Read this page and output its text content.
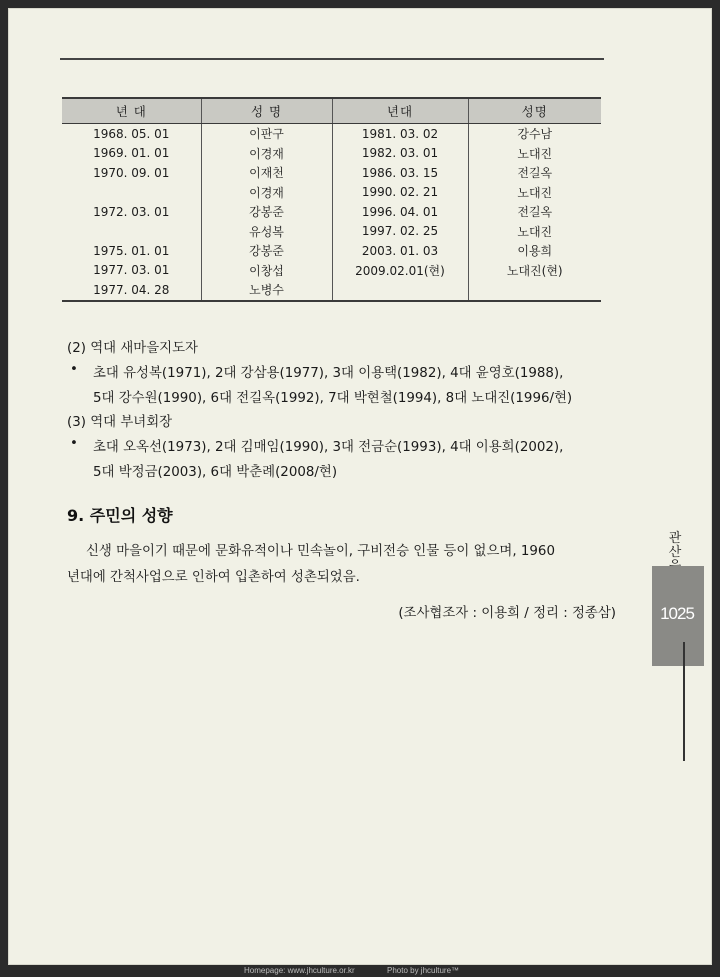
년 대	성 명	년대	성명
1968. 05. 01	이판구	1981. 03. 02	강수남
1969. 01. 01	이경재	1982. 03. 01	노대진
1970. 09. 01	이재천	1986. 03. 15	전길옥
	이경재	1990. 02. 21	노대진
1972. 03. 01	강봉준	1996. 04. 01	전길옥
	유성복	1997. 02. 25	노대진
1975. 01. 01	강봉준	2003. 01. 03	이용희
1977. 03. 01	이창섭	2009.02.01(현)	노대진(현)
1977. 04. 28	노병수		
(2) 역대 새마을지도자
• 초대 유성복(1971), 2대 강삼용(1977), 3대 이용택(1982), 4대 윤영호(1988),
5대 강수원(1990), 6대 전길옥(1992), 7대 박현철(1994), 8대 노대진(1996/현)
(3) 역대 부녀회장
• 초대 오옥선(1973), 2대 김매임(1990), 3대 전금순(1993), 4대 이용희(2002),
5대 박정금(2003), 6대 박춘례(2008/현)
9. 주민의 성향
신생 마을이기 때문에 문화유적이나 민속놀이, 구비전승 인물 등이 없으며, 1960
년대에 간척사업으로 인하여 입촌하여 성촌되었음.
(조사협조자 : 이용희 / 정리 : 정종삼)
관
산
1025
Homepage: www.jhculture.or.kr	Photo by jhculture™
